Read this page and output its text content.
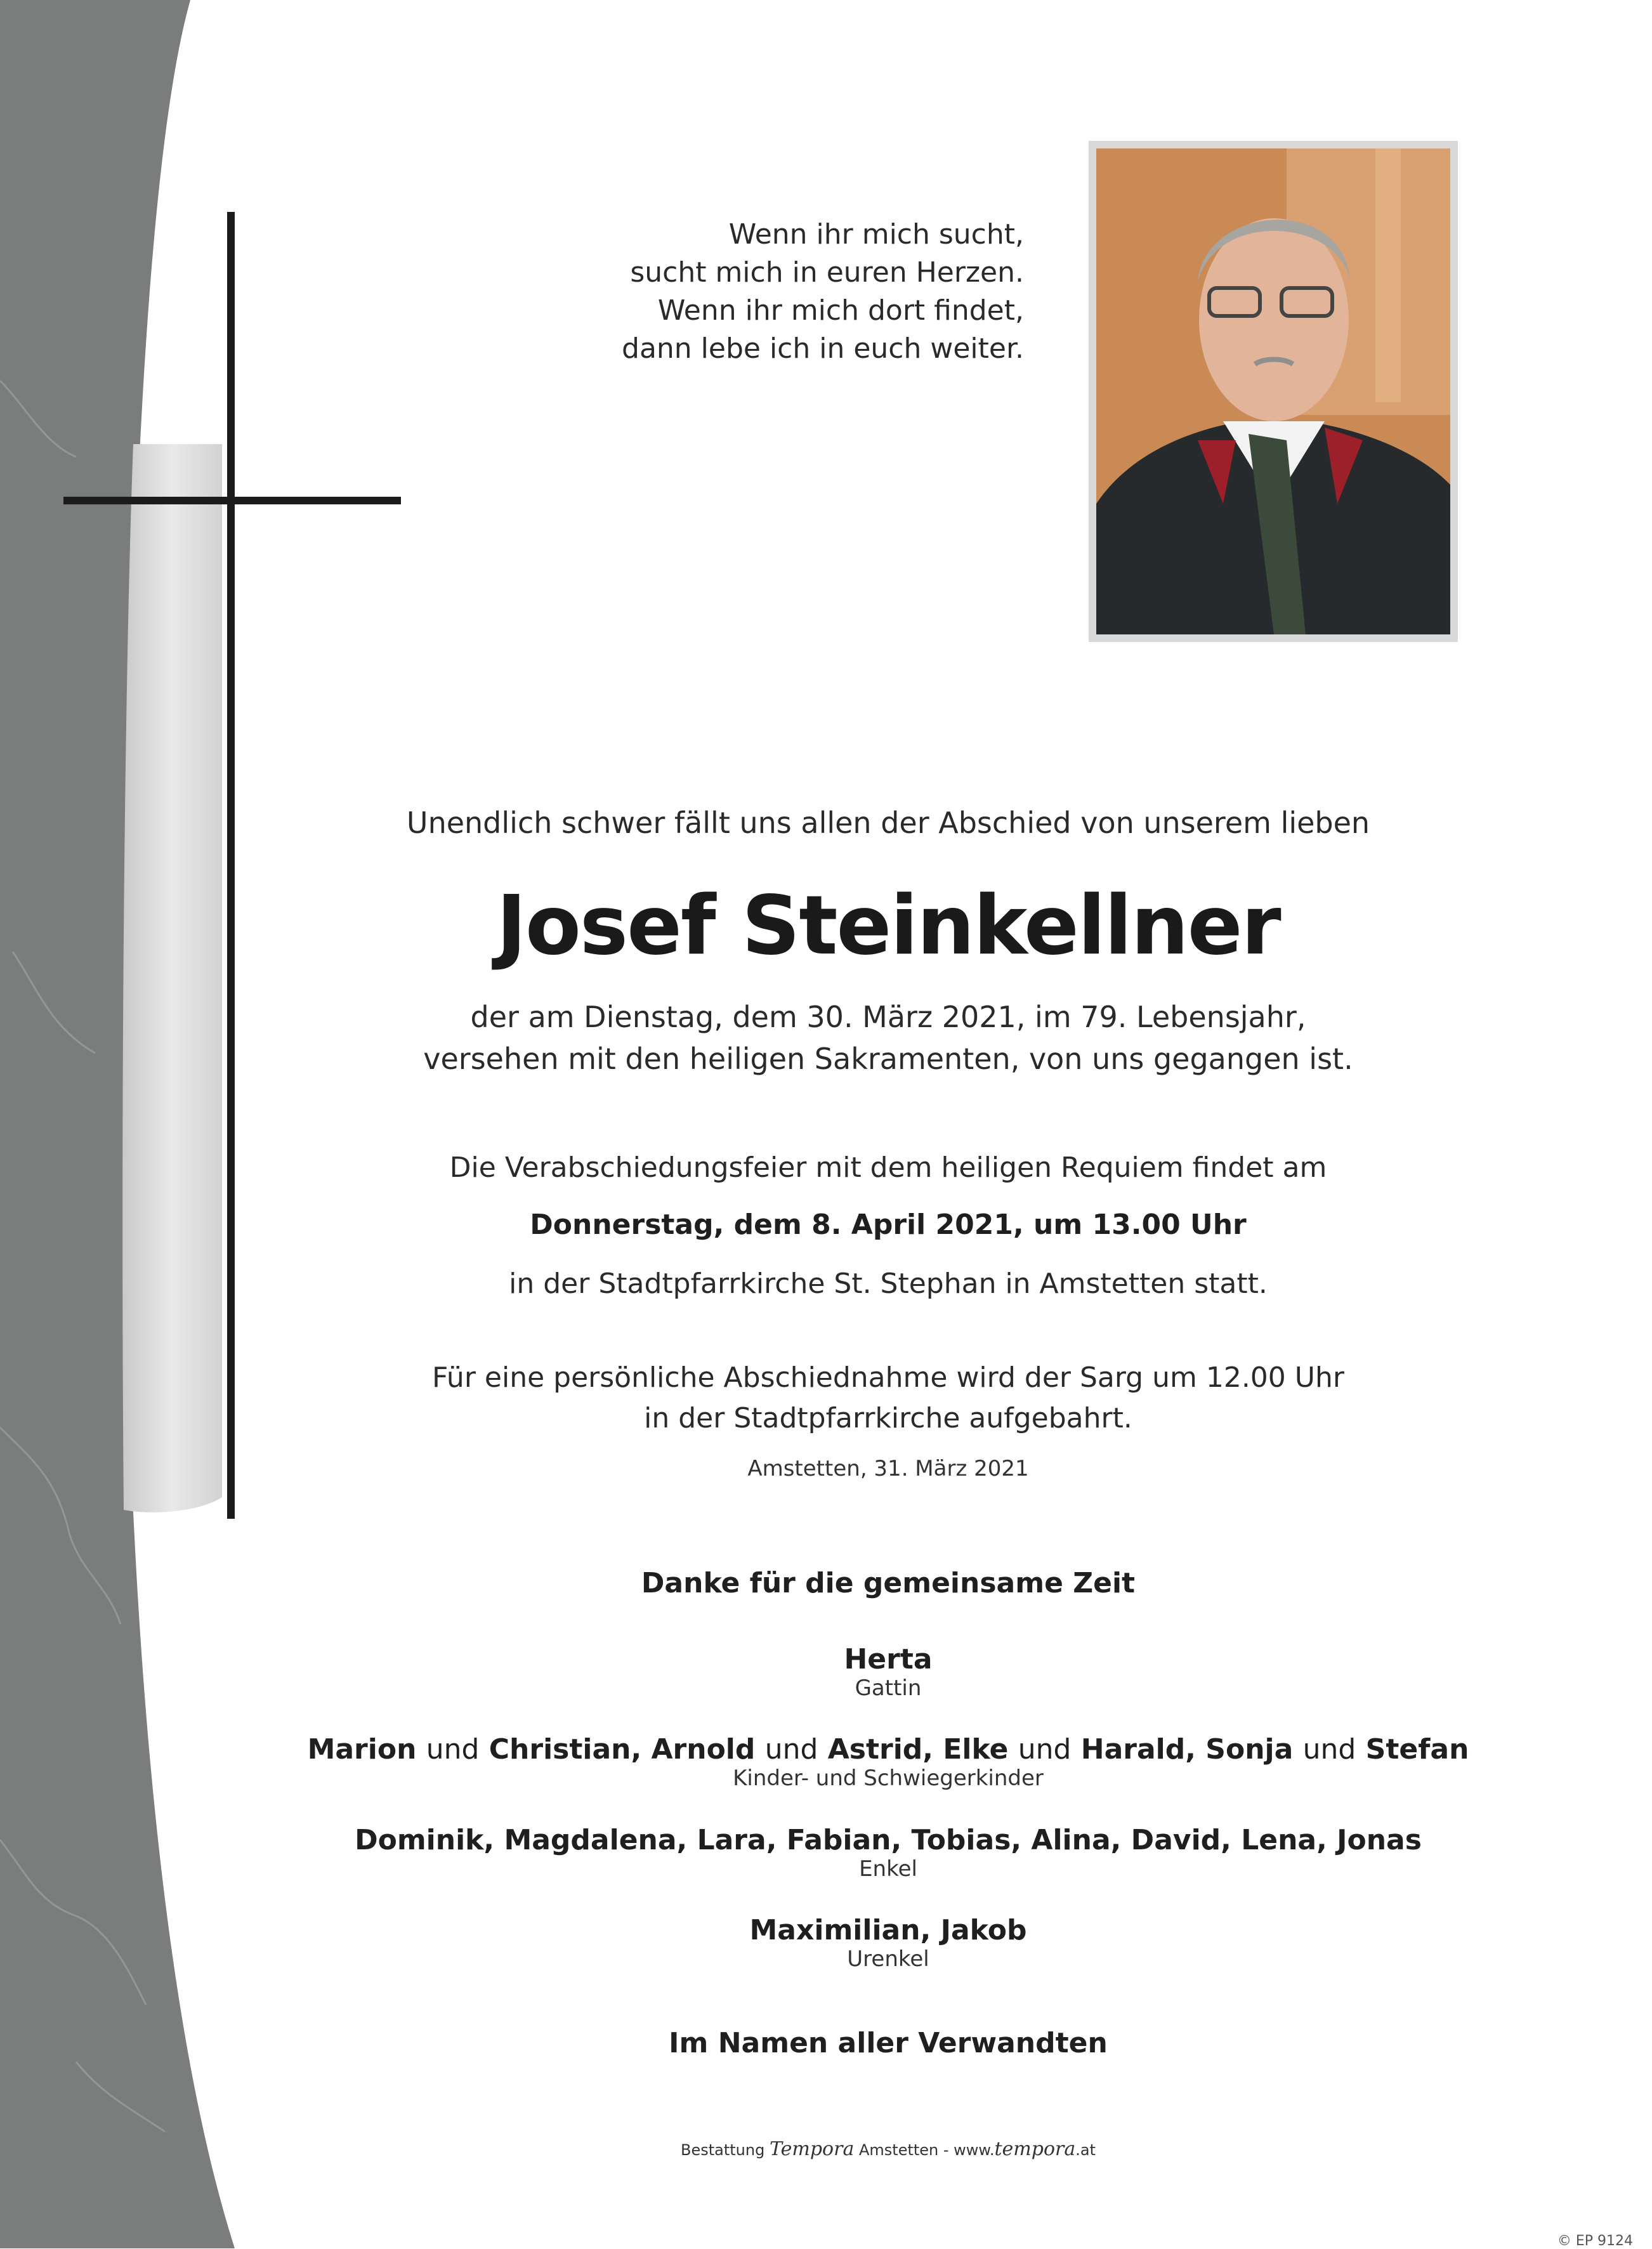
Wenn ihr mich sucht,
sucht mich in euren Herzen.
Wenn ihr mich dort findet,
dann lebe ich in euch weiter.
Unendlich schwer fällt uns allen der Abschied von unserem lieben
Josef Steinkellner
der am Dienstag, dem 30. März 2021, im 79. Lebensjahr,
versehen mit den heiligen Sakramenten, von uns gegangen ist.
Die Verabschiedungsfeier mit dem heiligen Requiem findet am
Donnerstag, dem 8. April 2021, um 13.00 Uhr
in der Stadtpfarrkirche St. Stephan in Amstetten statt.
Für eine persönliche Abschiednahme wird der Sarg um 12.00 Uhr
in der Stadtpfarrkirche aufgebahrt.
Amstetten, 31. März 2021
Danke für die gemeinsame Zeit
Herta
Gattin
Marion und Christian, Arnold und Astrid, Elke und Harald, Sonja und Stefan
Kinder- und Schwiegerkinder
Dominik, Magdalena, Lara, Fabian, Tobias, Alina, David, Lena, Jonas
Enkel
Maximilian, Jakob
Urenkel
Im Namen aller Verwandten
Bestattung Tempora Amstetten - www.tempora.at
© EP 9124
